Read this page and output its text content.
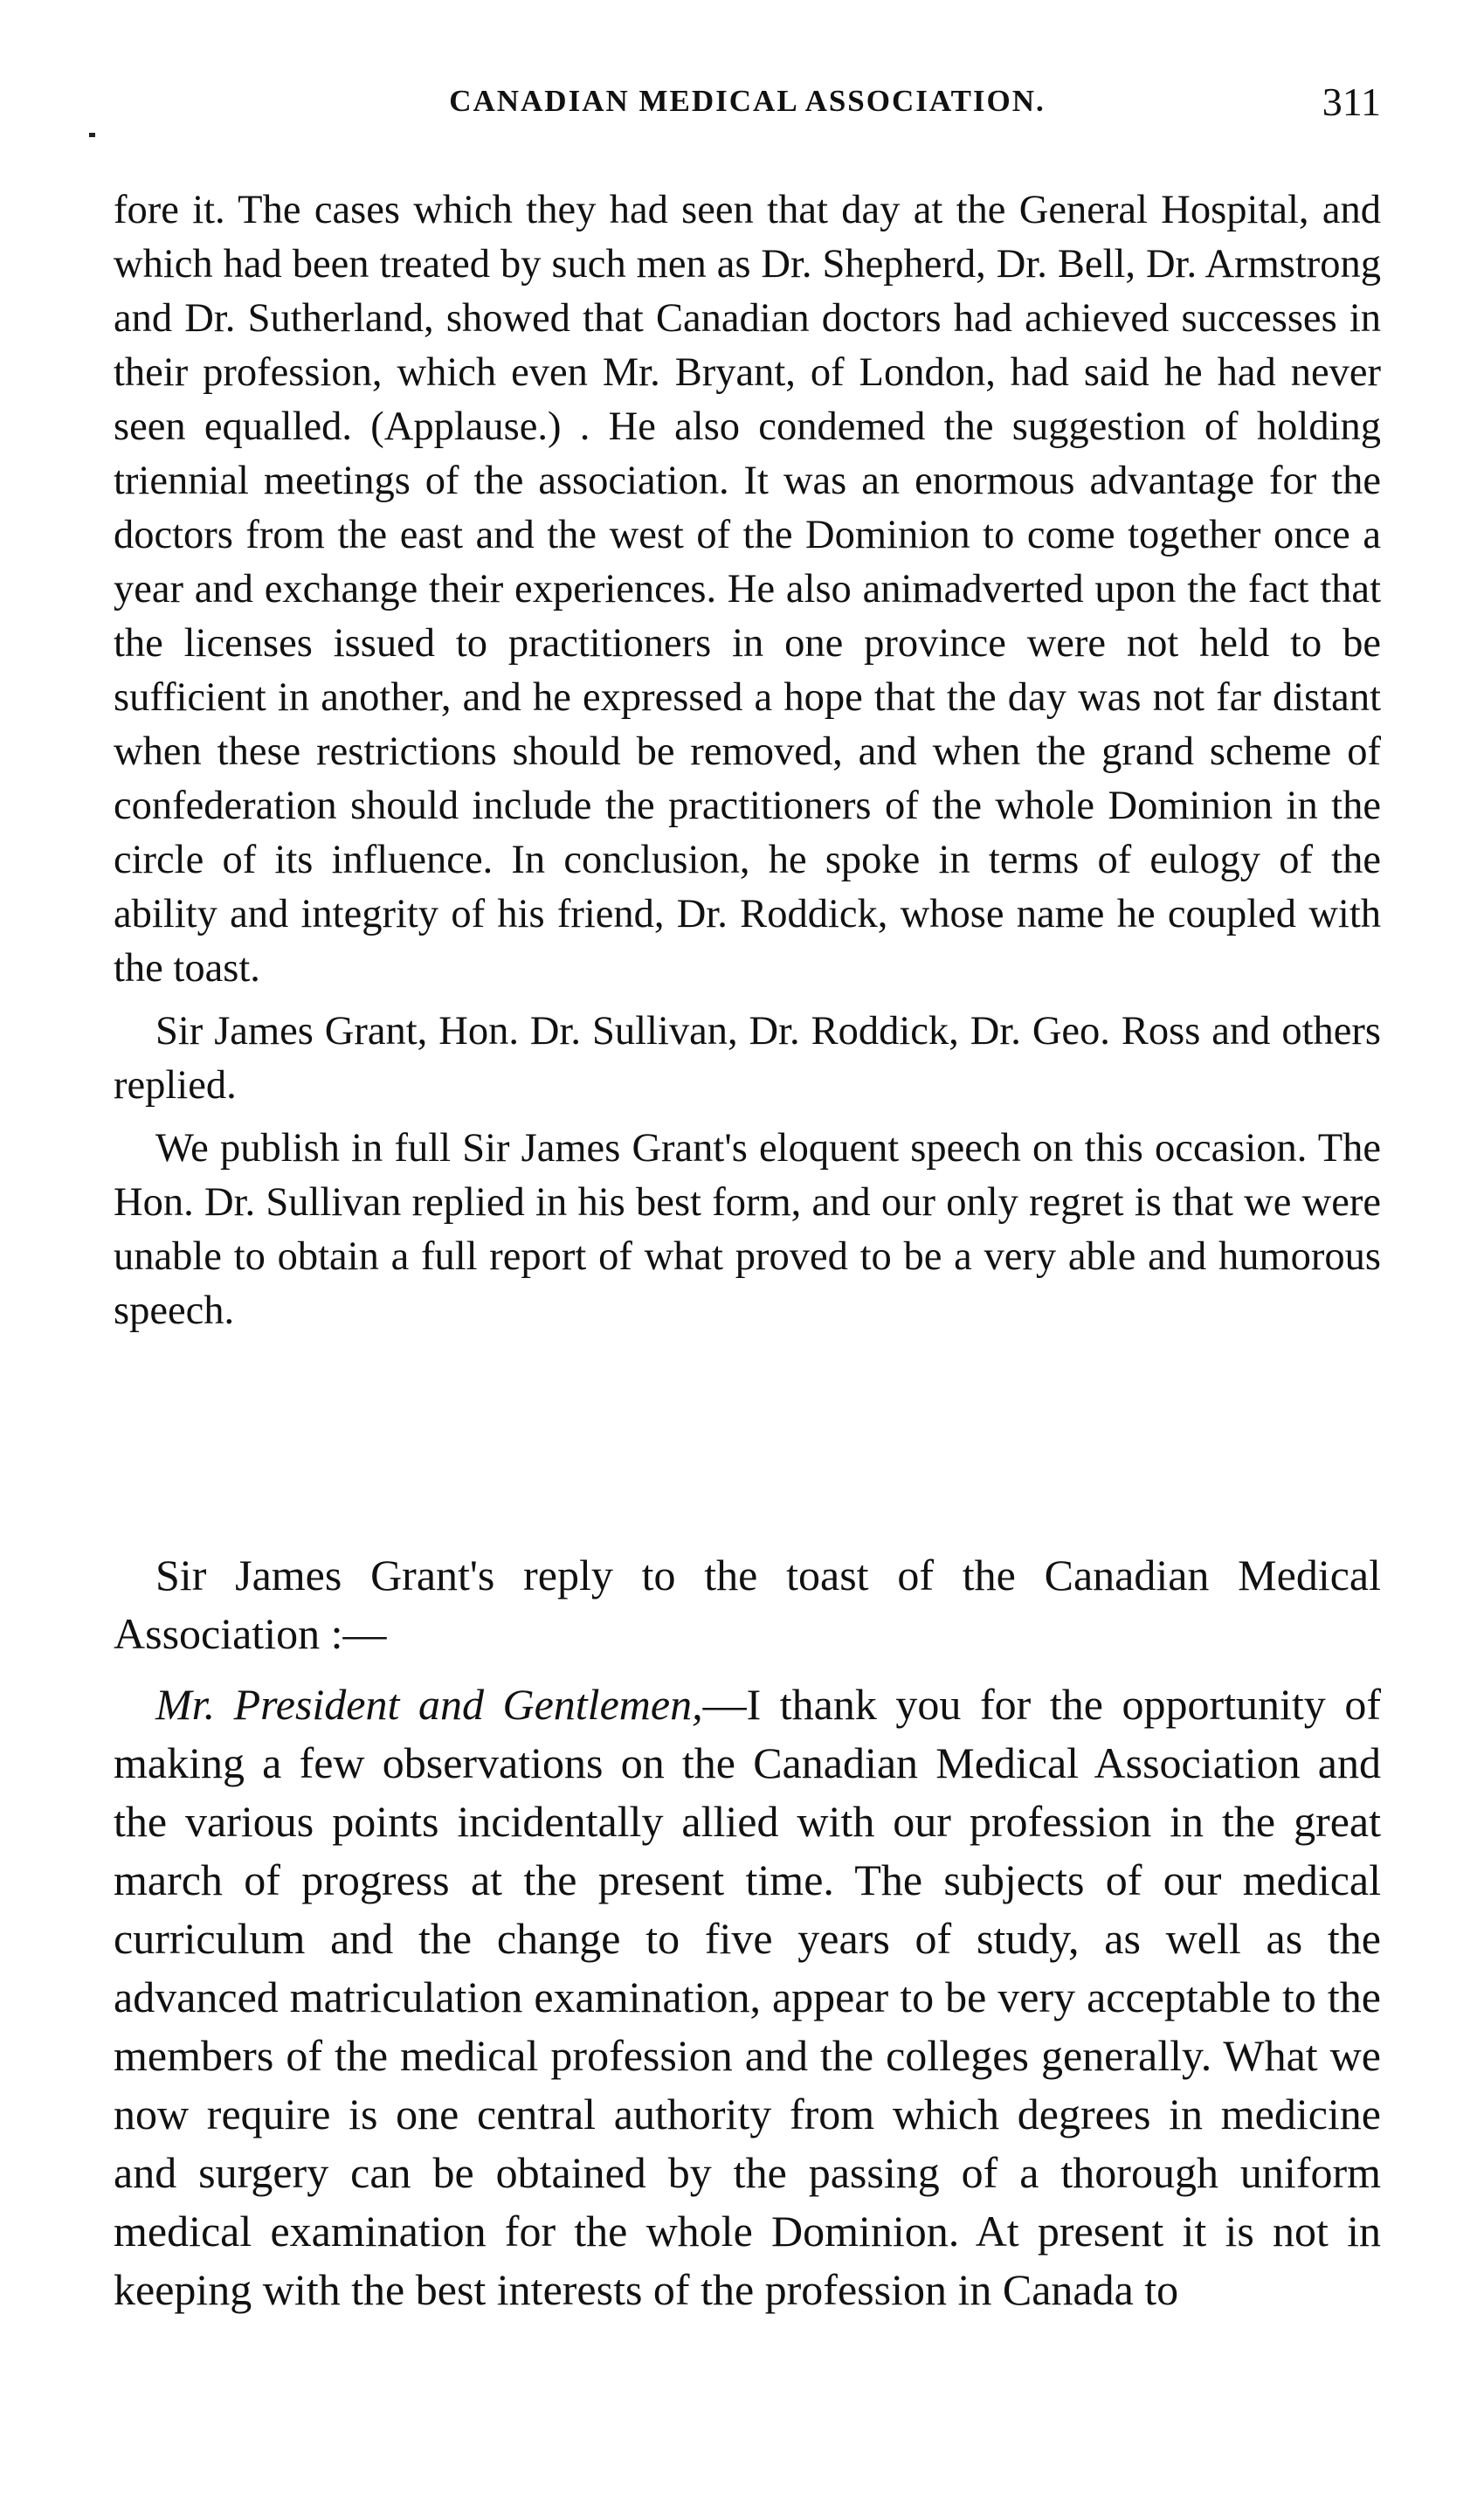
CANADIAN MEDICAL ASSOCIATION.	311

fore it. The cases which they had seen that day at the General Hospital, and which had been treated by such men as Dr. Shepherd, Dr. Bell, Dr. Armstrong and Dr. Sutherland, showed that Canadian doctors had achieved successes in their profession, which even Mr. Bryant, of London, had said he had never seen equalled. (Applause.) . He also condemed the suggestion of holding triennial meetings of the association. It was an enormous advantage for the doctors from the east and the west of the Dominion to come together once a year and exchange their experiences. He also animadverted upon the fact that the licenses issued to practitioners in one province were not held to be sufficient in another, and he expressed a hope that the day was not far distant when these restrictions should be removed, and when the grand scheme of confederation should include the practitioners of the whole Dominion in the circle of its influence. In conclusion, he spoke in terms of eulogy of the ability and integrity of his friend, Dr. Roddick, whose name he coupled with the toast.

Sir James Grant, Hon. Dr. Sullivan, Dr. Roddick, Dr. Geo. Ross and others replied.

We publish in full Sir James Grant's eloquent speech on this occasion. The Hon. Dr. Sullivan replied in his best form, and our only regret is that we were unable to obtain a full report of what proved to be a very able and humorous speech.

Sir James Grant's reply to the toast of the Canadian Medical Association :—

Mr. President and Gentlemen,—I thank you for the opportunity of making a few observations on the Canadian Medical Association and the various points incidentally allied with our profession in the great march of progress at the present time. The subjects of our medical curriculum and the change to five years of study, as well as the advanced matriculation examination, appear to be very acceptable to the members of the medical profession and the colleges generally. What we now require is one central authority from which degrees in medicine and surgery can be obtained by the passing of a thorough uniform medical examination for the whole Dominion. At present it is not in keeping with the best interests of the profession in Canada to
